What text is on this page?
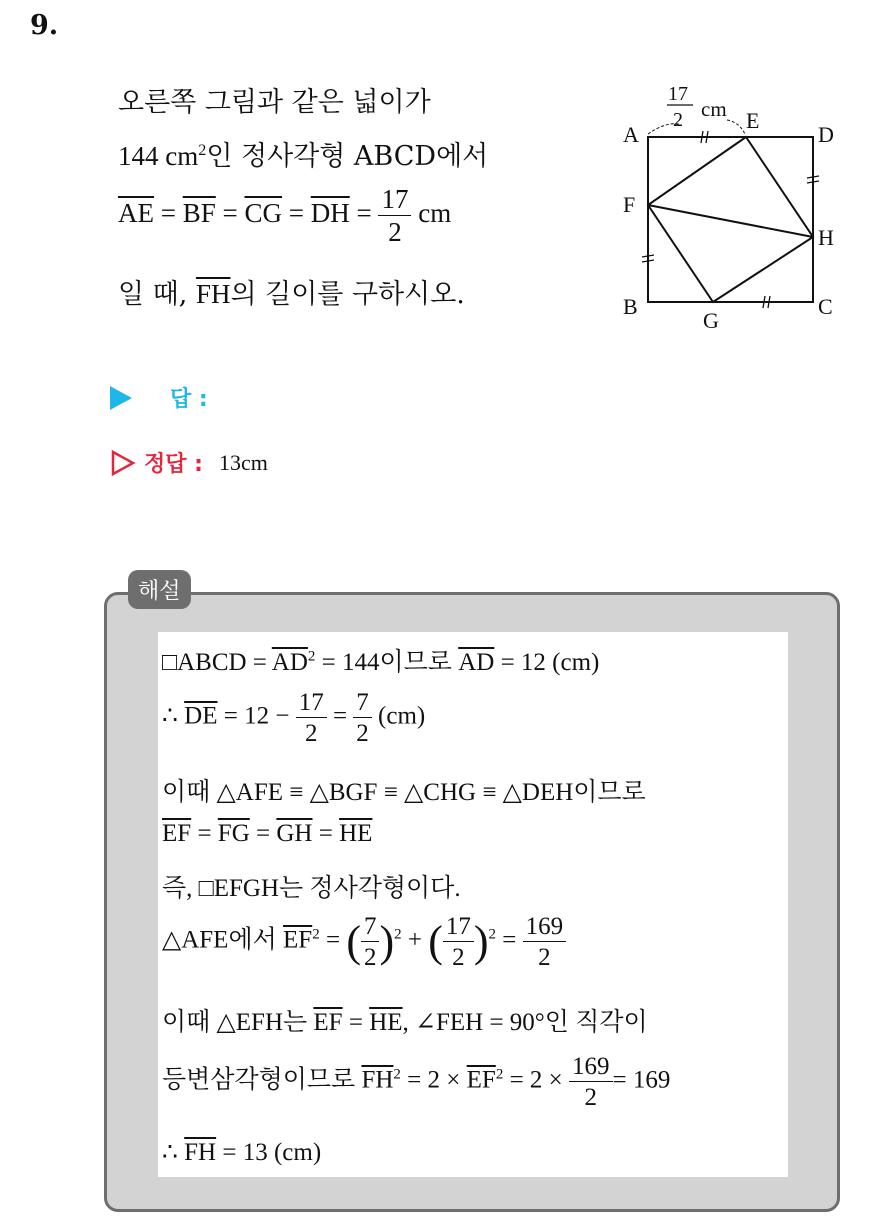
9.
오른쪽 그림과 같은 넓이가
144 $cm^2$인 정사각형 ABCD에서
$\overline{AE} = \overline{BF} = \overline{CG} = \overline{DH} = \frac{17}{2}$ cm
일 때, $\overline{FH}$의 길이를 구하시오.
A
B	C
D
E
F
G
H
17
2 cm
답 :
정답 : 13cm
해설
□ABCD = $\overline{AD}^2 = 144$이므로 $\overline{AD} = 12$ (cm)
∴ $\overline{DE} = 12 - \frac{17}{2} = \frac{7}{2} (cm)$
이때 △AFE ≡ △BGF ≡ △CHG ≡ △DEH이므로
$\overline{EF} = \overline{FG} = \overline{GH} = \overline{HE}$
즉, □EFGH는 정사각형이다.
△AFE에서 $\overline{EF}^2$ = ( $\frac{7}{2} )^2$ + ( $\frac{17}{2} )^2 = \frac{169}{2}$
이때 △EFH는 $\overline{EF} = \overline{HE}$, ∠FEH = 90°인 직각이
등변삼각형이므로 $\overline{FH}^2 = 2 \times \overline{EF}^2 = 2 \times \frac{169}{2} = 169$
∴ $\overline{FH} = 13$ (cm)
